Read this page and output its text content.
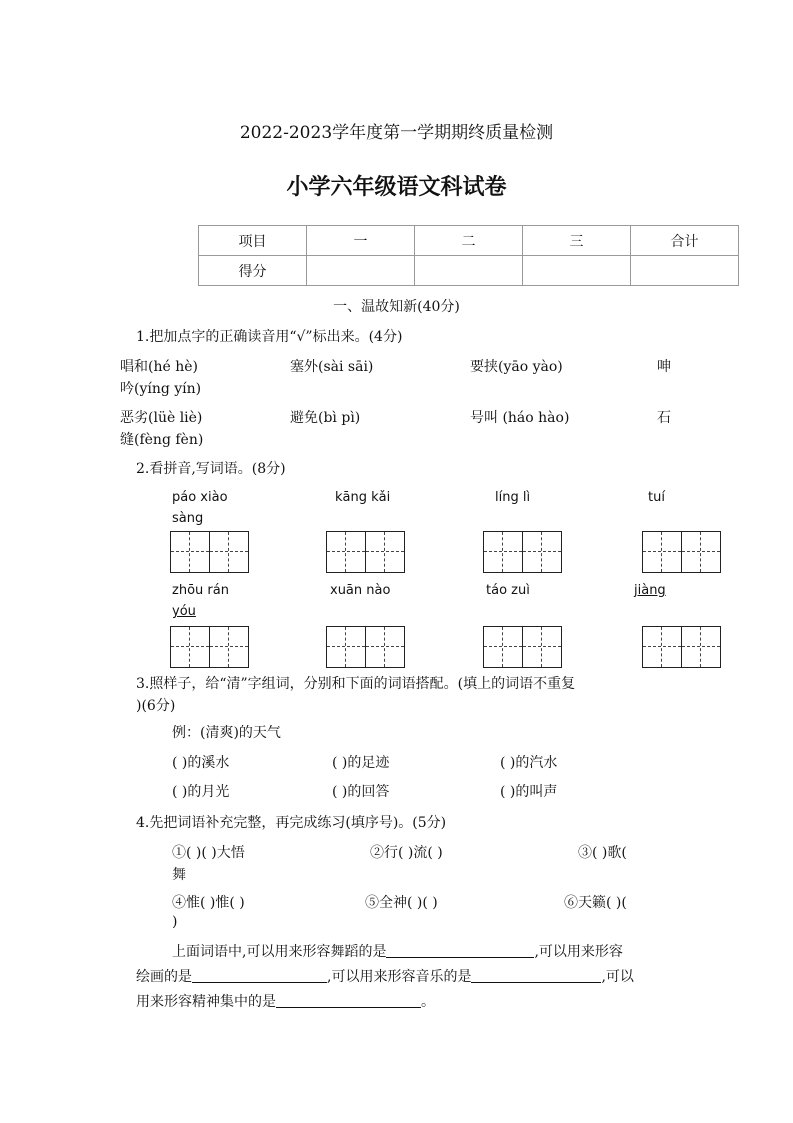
2022-2023学年度第一学期期终质量检测
小学六年级语文科试卷
项目	一	二	三	合计
得分				
一、温故知新(40分)
1.把加点字的正确读音用“√”标出来。(4分)
唱和(hé hè)	塞外(sài sāi)	要挟(yāo yào)	呻
吟(yíng yín)
恶劣(lüè liè)	避免(bì pì)	号叫 (háo hào)	石
缝(fèng fèn)
2.看拼音,写词语。(8分)
páo xiào	kāng kǎi	líng lì	tuí
sàng
zhōu rán	xuān nào	táo zuì	jiàng
yóu
3.照样子，给“清”字组词，分别和下面的词语搭配。(填上的词语不重复
)(6分)
例：(清爽)的天气
( )的溪水	( )的足迹	( )的汽水
( )的月光	( )的回答	( )的叫声
4.先把词语补充完整，再完成练习(填序号)。(5分)
①( )( )大悟	②行( )流( )	③( )歌(
舞
④惟( )惟( )	⑤全神( )( )	⑥天籁( )(
)
上面词语中,可以用来形容舞蹈的是	,可以用来形容
绘画的是	,可以用来形容音乐的是	,可以
用来形容精神集中的是	。
